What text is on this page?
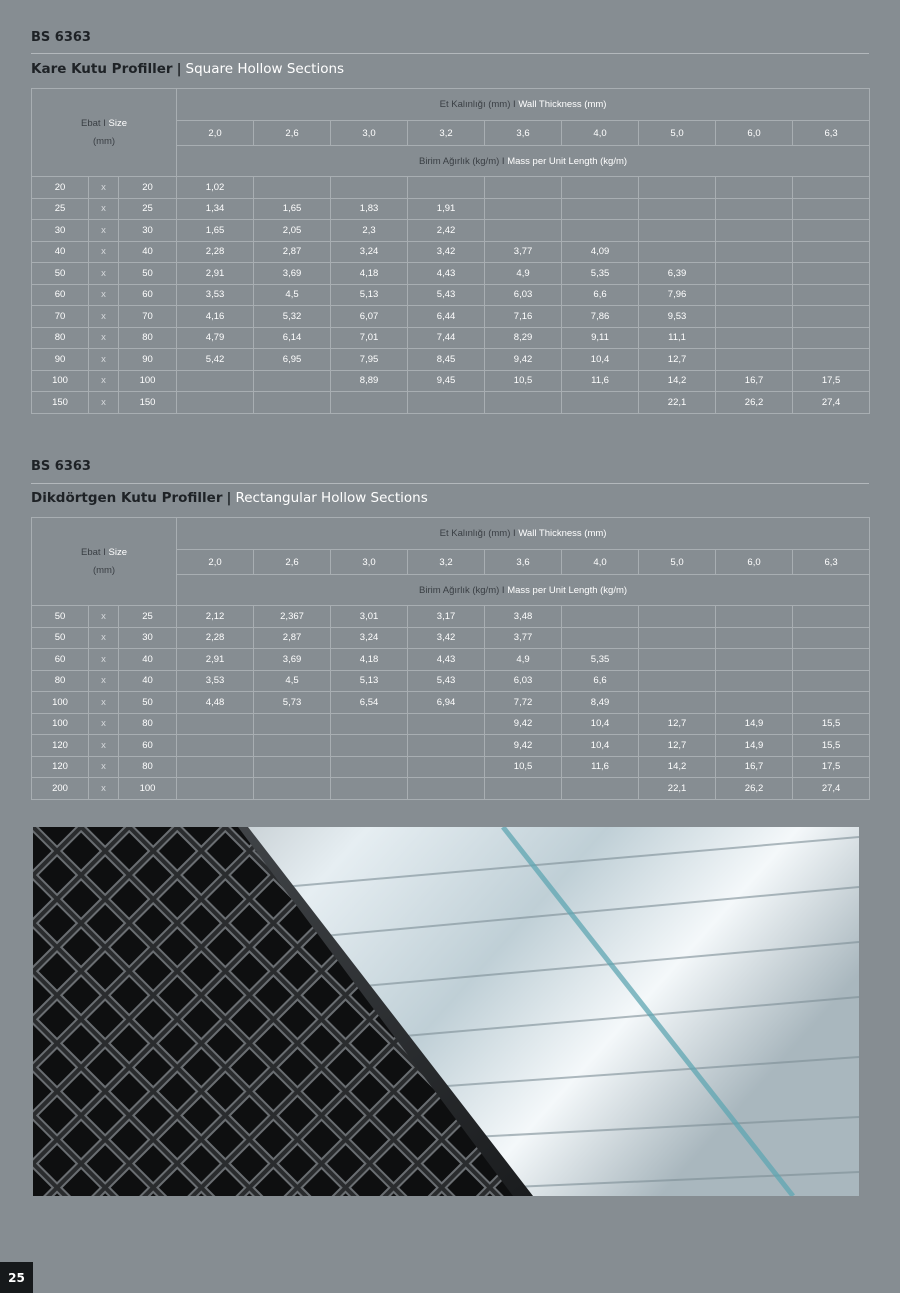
BS 6363
Kare Kutu Profiller | Square Hollow Sections
Ebat I Size
(mm)			Et Kalınlığı (mm) I Wall Thickness (mm)								
			2,0	2,6	3,0	3,2	3,6	4,0	5,0	6,0	6,3
			Birim Ağırlık (kg/m) I Mass per Unit Length (kg/m)								
20	x	20	1,02								
25	x	25	1,34	1,65	1,83	1,91					
30	x	30	1,65	2,05	2,3	2,42					
40	x	40	2,28	2,87	3,24	3,42	3,77	4,09			
50	x	50	2,91	3,69	4,18	4,43	4,9	5,35	6,39		
60	x	60	3,53	4,5	5,13	5,43	6,03	6,6	7,96		
70	x	70	4,16	5,32	6,07	6,44	7,16	7,86	9,53		
80	x	80	4,79	6,14	7,01	7,44	8,29	9,11	11,1		
90	x	90	5,42	6,95	7,95	8,45	9,42	10,4	12,7		
100	x	100			8,89	9,45	10,5	11,6	14,2	16,7	17,5
150	x	150							22,1	26,2	27,4
BS 6363
Dikdörtgen Kutu Profiller | Rectangular Hollow Sections
Ebat I Size
(mm)			Et Kalınlığı (mm) I Wall Thickness (mm)								
			2,0	2,6	3,0	3,2	3,6	4,0	5,0	6,0	6,3
			Birim Ağırlık (kg/m) I Mass per Unit Length (kg/m)								
50	x	25	2,12	2,367	3,01	3,17	3,48				
50	x	30	2,28	2,87	3,24	3,42	3,77				
60	x	40	2,91	3,69	4,18	4,43	4,9	5,35			
80	x	40	3,53	4,5	5,13	5,43	6,03	6,6			
100	x	50	4,48	5,73	6,54	6,94	7,72	8,49			
100	x	80					9,42	10,4	12,7	14,9	15,5
120	x	60					9,42	10,4	12,7	14,9	15,5
120	x	80					10,5	11,6	14,2	16,7	17,5
200	x	100							22,1	26,2	27,4
25
